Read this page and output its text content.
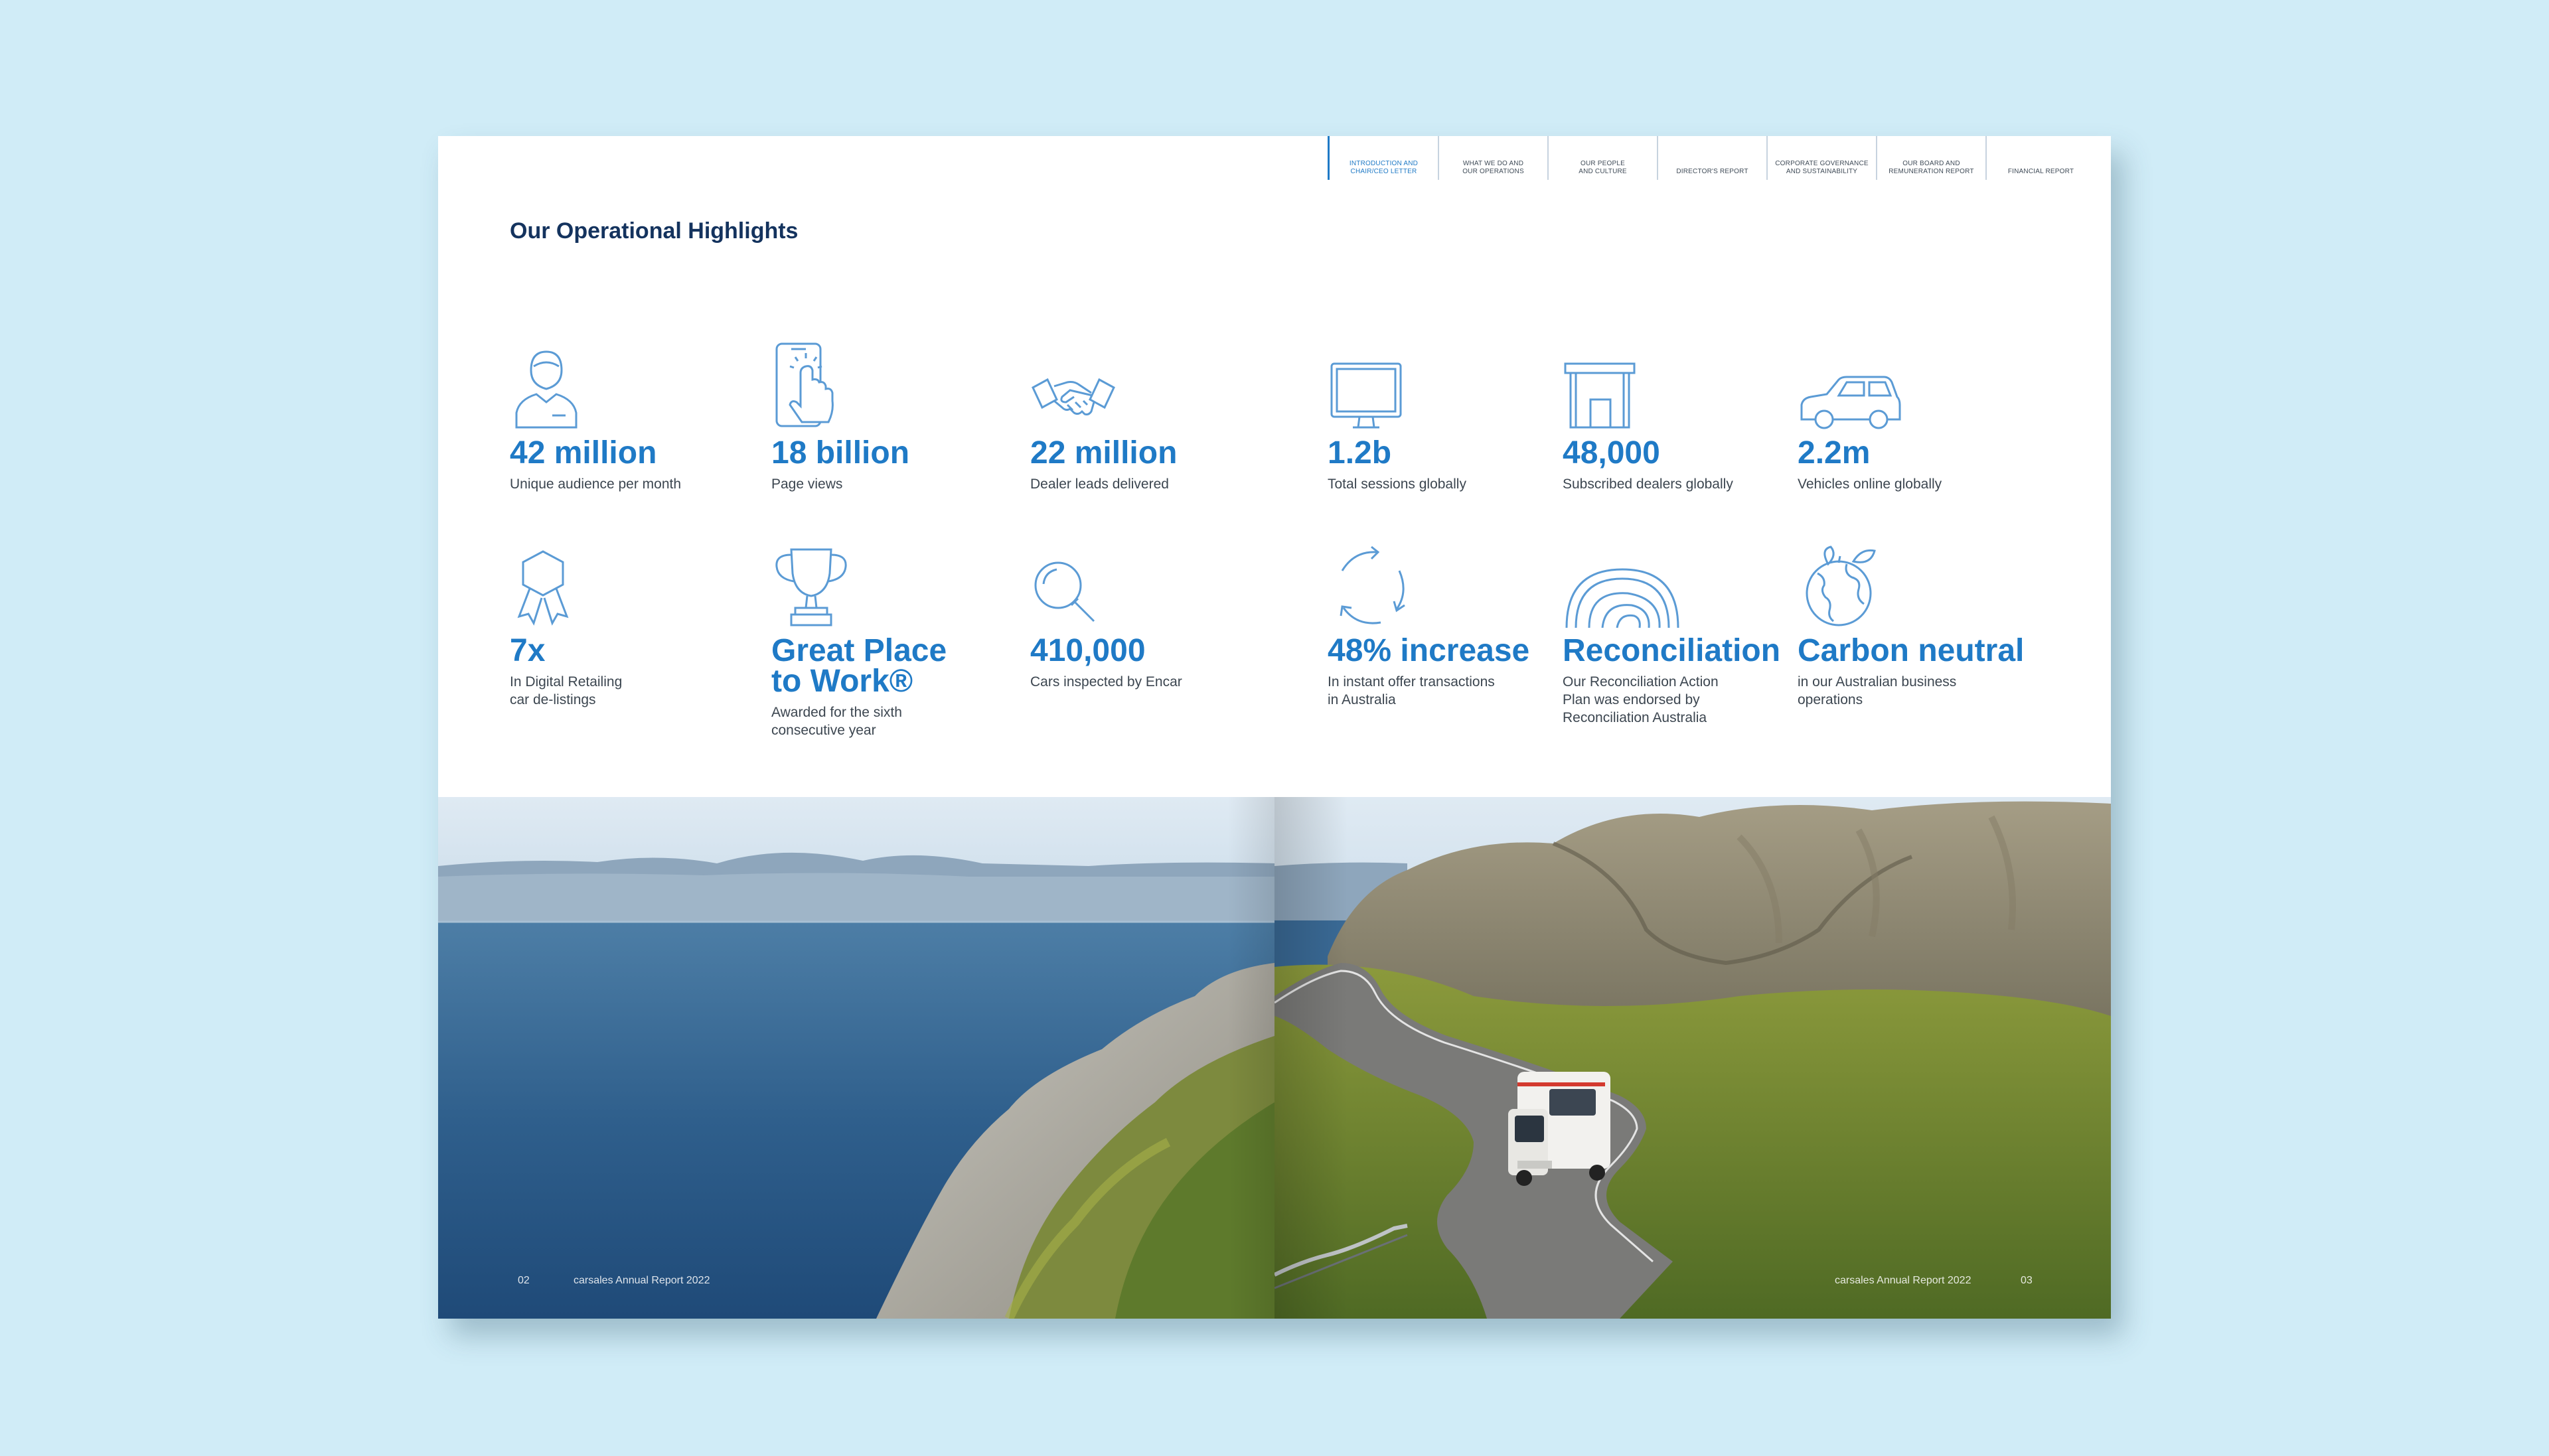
Our Operational Highlights

42 million

Unique audience per month

18 billion

Page views

22 million

Dealer leads delivered

7x

In Digital Retailing
car de-listings

Great Place
to Work®

Awarded for the sixth
consecutive year

410,000

Cars inspected by Encar
02	carsales Annual Report 2022
INTRODUCTION AND
CHAIR/CEO LETTER
WHAT WE DO AND
OUR OPERATIONS
OUR PEOPLE
AND CULTURE	DIRECTOR'S REPORT
CORPORATE GOVERNANCE
AND SUSTAINABILITY
OUR BOARD AND
REMUNERATION REPORT	FINANCIAL REPORT

1.2b

Total sessions globally

48,000

Subscribed dealers globally

2.2m

Vehicles online globally

48% increase

In instant offer transactions
in Australia

Reconciliation

Our Reconciliation Action
Plan was endorsed by
Reconciliation Australia

Carbon neutral

in our Australian business
operations
carsales Annual Report 2022	03
